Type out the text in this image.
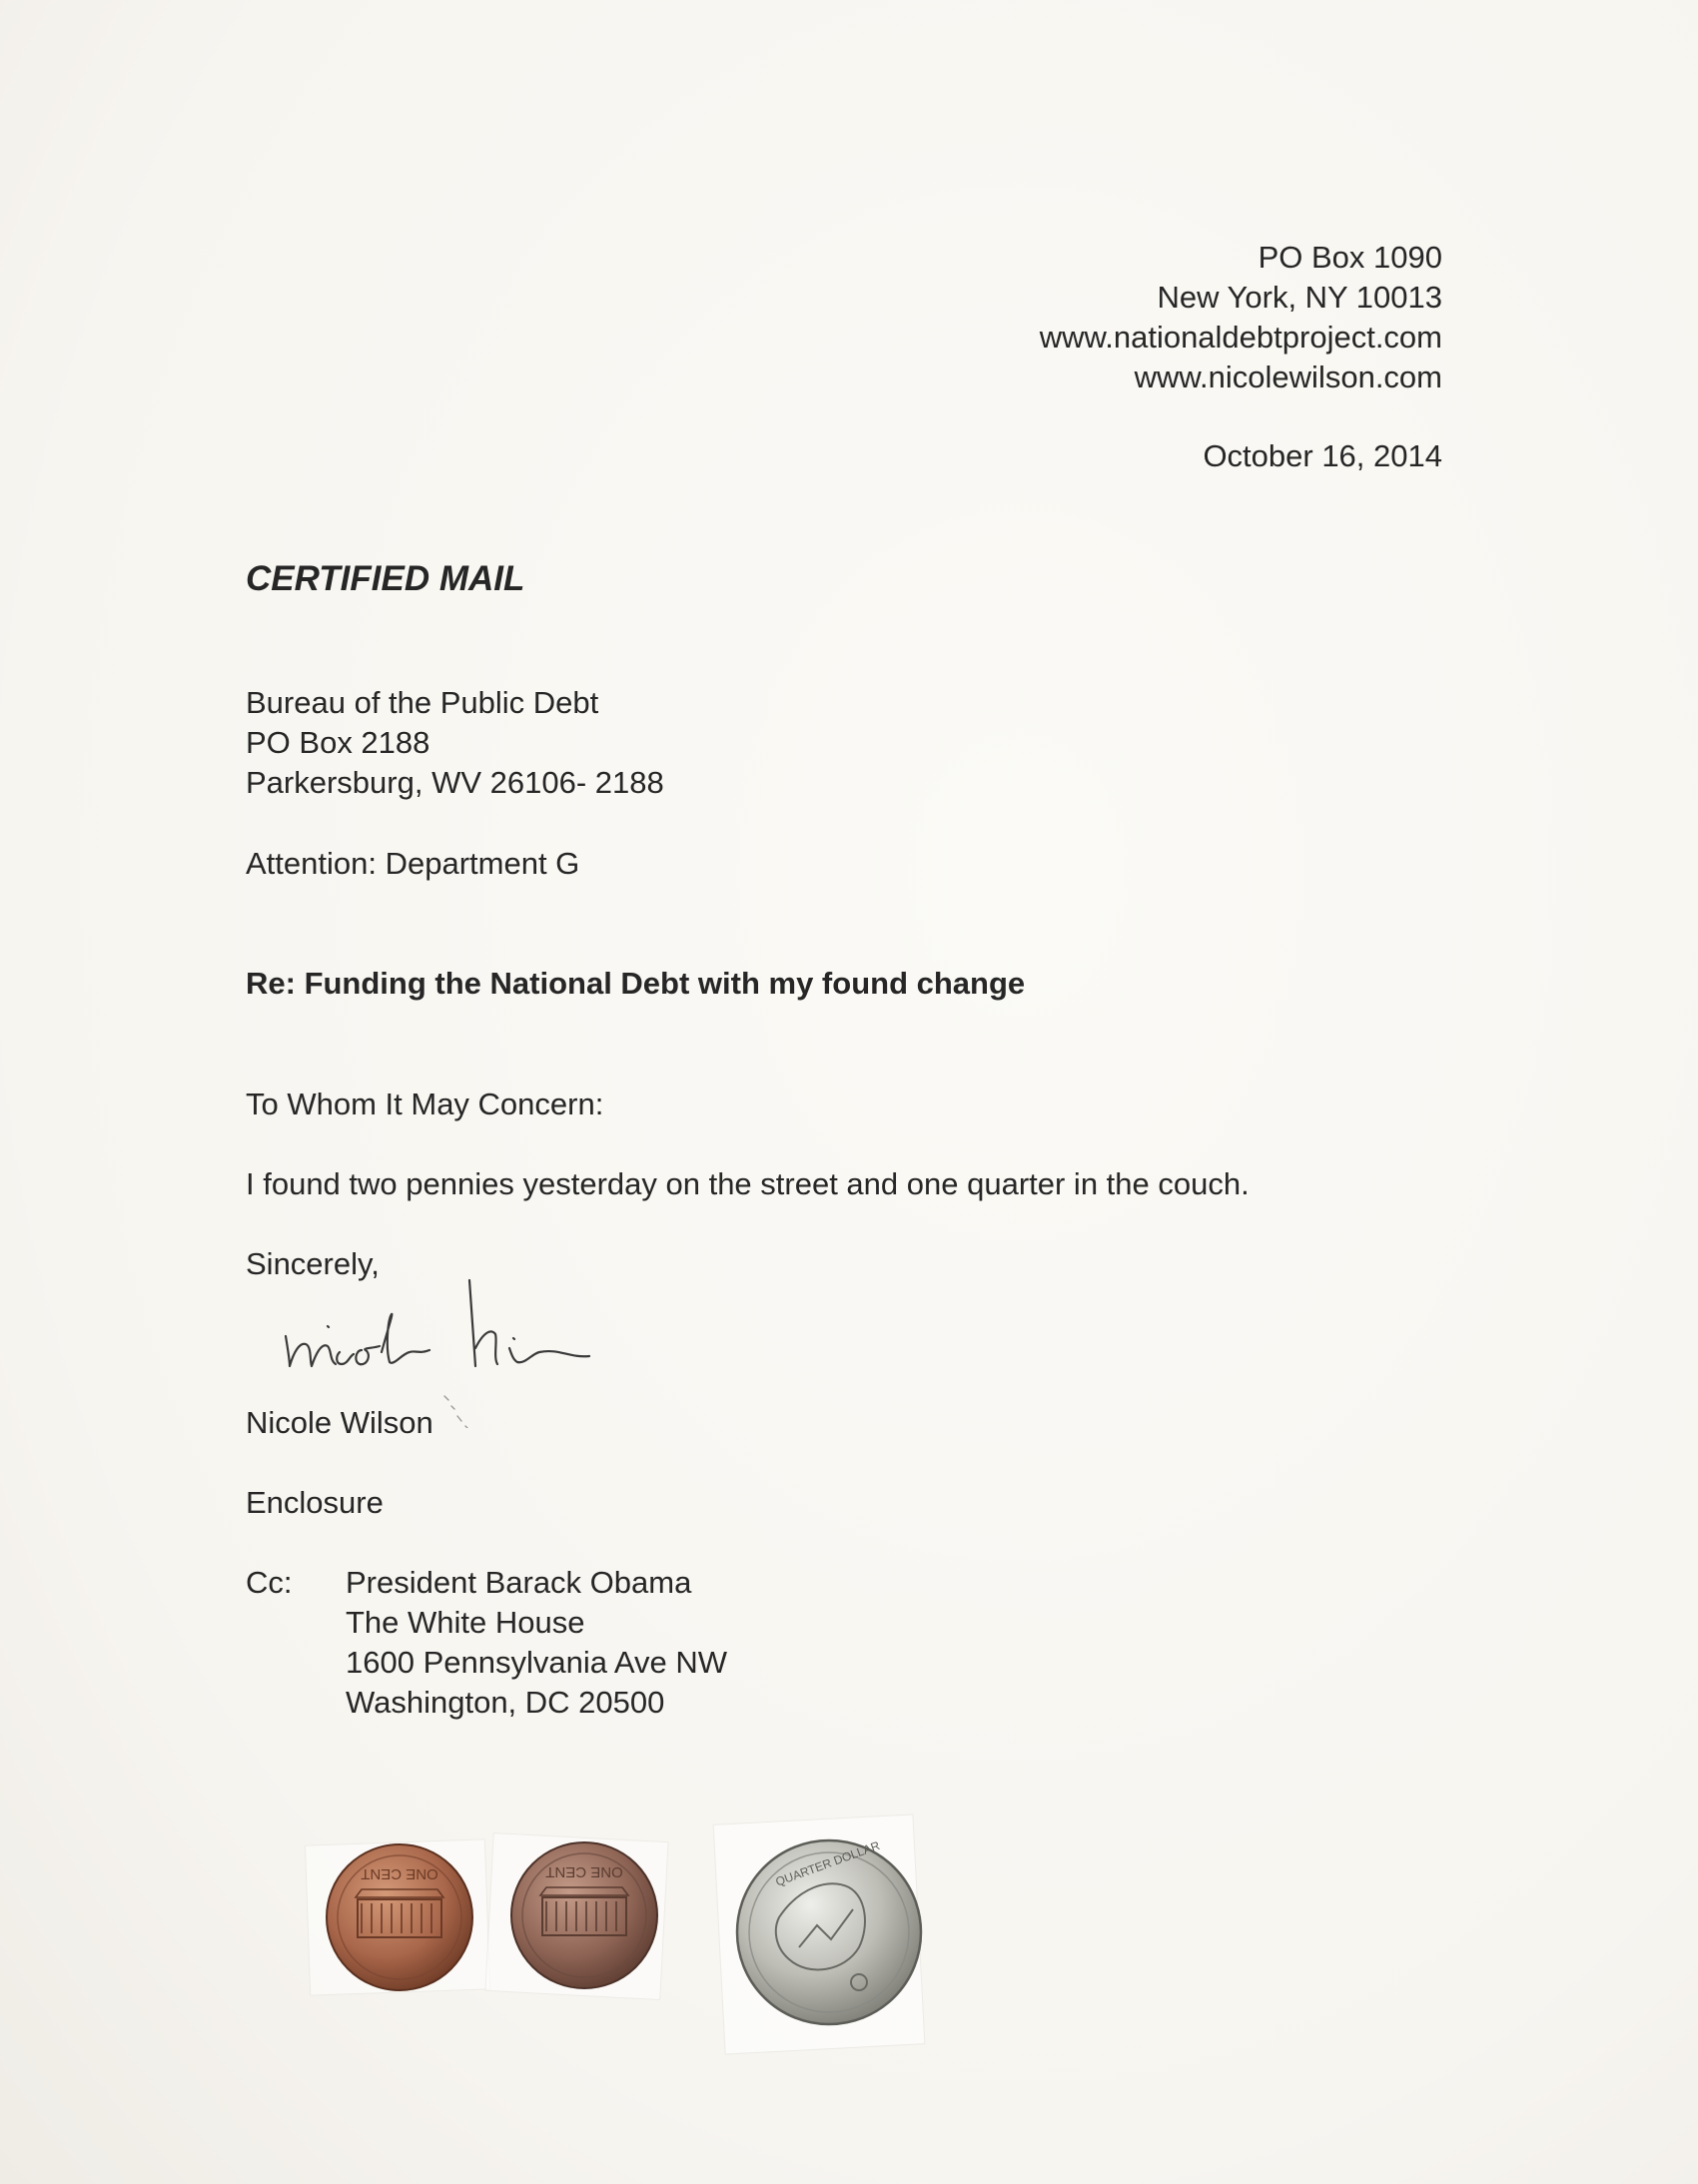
PO Box 1090
New York, NY 10013
www.nationaldebtproject.com
www.nicolewilson.com
October 16, 2014
CERTIFIED MAIL
Bureau of the Public Debt
PO Box 2188
Parkersburg, WV 26106- 2188
Attention: Department G
Re: Funding the National Debt with my found change
To Whom It May Concern:
I found two pennies yesterday on the street and one quarter in the couch.
Sincerely,
Nicole Wilson
Enclosure
Cc: President Barack Obama
The White House
1600 Pennsylvania Ave NW
Washington, DC 20500
ONE CENT	ONE CENT	QUARTER DOLLAR
